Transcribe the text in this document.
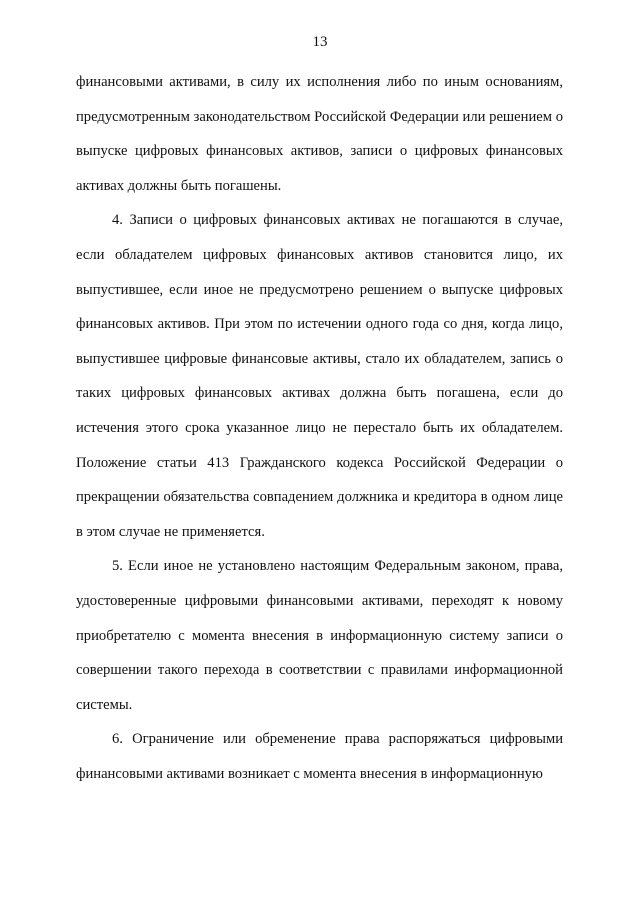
13

финансовыми активами, в силу их исполнения либо по иным основаниям, предусмотренным законодательством Российской Федерации или решением о выпуске цифровых финансовых активов, записи о цифровых финансовых активах должны быть погашены.

4. Записи о цифровых финансовых активах не погашаются в случае, если обладателем цифровых финансовых активов становится лицо, их выпустившее, если иное не предусмотрено решением о выпуске цифровых финансовых активов. При этом по истечении одного года со дня, когда лицо, выпустившее цифровые финансовые активы, стало их обладателем, запись о таких цифровых финансовых активах должна быть погашена, если до истечения этого срока указанное лицо не перестало быть их обладателем. Положение статьи 413 Гражданского кодекса Российской Федерации о прекращении обязательства совпадением должника и кредитора в одном лице в этом случае не применяется.

5. Если иное не установлено настоящим Федеральным законом, права, удостоверенные цифровыми финансовыми активами, переходят к новому приобретателю с момента внесения в информационную систему записи о совершении такого перехода в соответствии с правилами информационной системы.

6. Ограничение или обременение права распоряжаться цифровыми финансовыми активами возникает с момента внесения в информационную
